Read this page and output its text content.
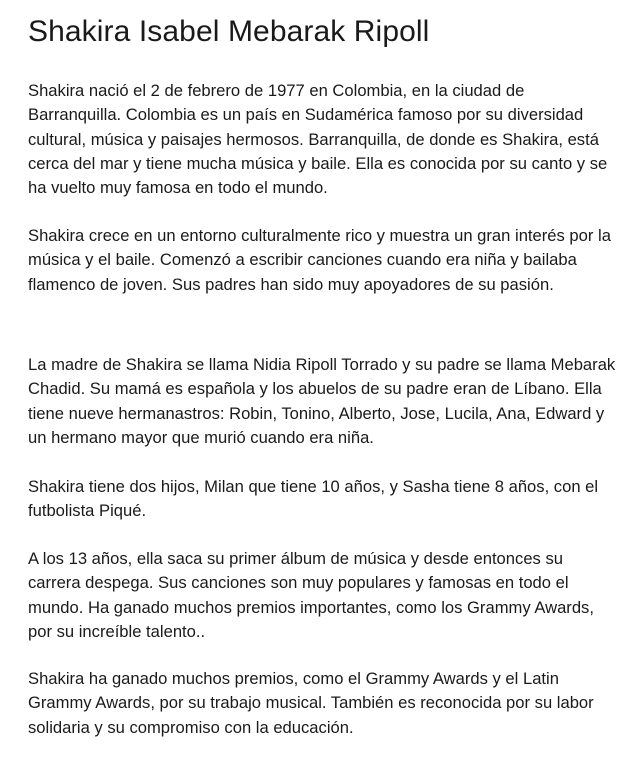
Shakira Isabel Mebarak Ripoll

Shakira nació el 2 de febrero de 1977 en Colombia, en la ciudad de Barranquilla. Colombia es un país en Sudamérica famoso por su diversidad cultural, música y paisajes hermosos. Barranquilla, de donde es Shakira, está cerca del mar y tiene mucha música y baile. Ella es conocida por su canto y se ha vuelto muy famosa en todo el mundo.

Shakira crece en un entorno culturalmente rico y muestra un gran interés por la música y el baile. Comenzó a escribir canciones cuando era niña y bailaba flamenco de joven. Sus padres han sido muy apoyadores de su pasión.

La madre de Shakira se llama Nidia Ripoll Torrado y su padre se llama Mebarak Chadid. Su mamá es española y los abuelos de su padre eran de Líbano. Ella tiene nueve hermanastros: Robin, Tonino, Alberto, Jose, Lucila, Ana, Edward y un hermano mayor que murió cuando era niña.

Shakira tiene dos hijos, Milan que tiene 10 años, y Sasha tiene 8 años, con el futbolista Piqué.

A los 13 años, ella saca su primer álbum de música y desde entonces su carrera despega. Sus canciones son muy populares y famosas en todo el mundo. Ha ganado muchos premios importantes, como los Grammy Awards, por su increíble talento..

Shakira ha ganado muchos premios, como el Grammy Awards y el Latin Grammy Awards, por su trabajo musical. También es reconocida por su labor solidaria y su compromiso con la educación.
